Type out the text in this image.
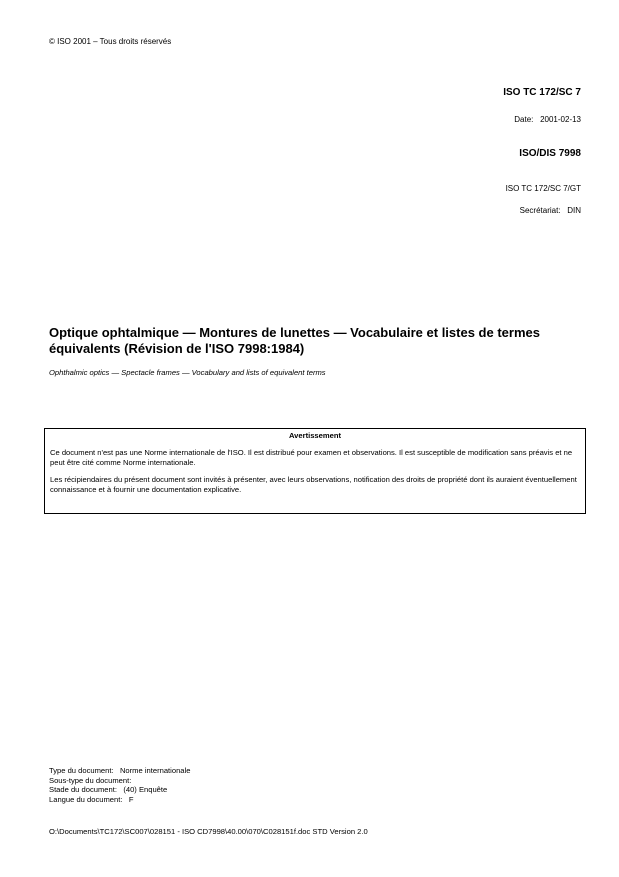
© ISO 2001 – Tous droits réservés
ISO TC 172/SC 7
Date: 2001-02-13
ISO/DIS 7998
ISO TC 172/SC 7/GT
Secrétariat: DIN
Optique ophtalmique — Montures de lunettes — Vocabulaire et listes de termes équivalents (Révision de l'ISO 7998:1984)
Ophthalmic optics — Spectacle frames — Vocabulary and lists of equivalent terms
Avertissement

Ce document n'est pas une Norme internationale de l'ISO. Il est distribué pour examen et observations. Il est susceptible de modification sans préavis et ne peut être cité comme Norme internationale.

Les récipiendaires du présent document sont invités à présenter, avec leurs observations, notification des droits de propriété dont ils auraient éventuellement connaissance et à fournir une documentation explicative.

Type du document: Norme internationale
Sous-type du document:
Stade du document: (40) Enquête
Langue du document: F
O:\Documents\TC172\SC007\028151 - ISO CD7998\40.00\070\C028151f.doc STD Version 2.0
